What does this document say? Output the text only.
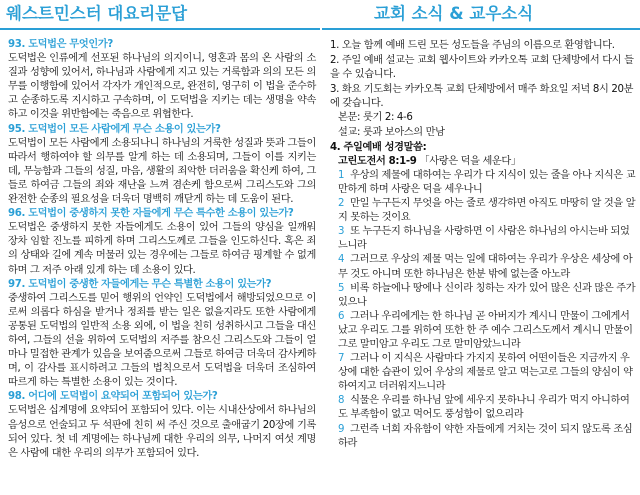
웨스트민스터 대요리문답
93. 도덕법은 무엇인가?
도덕법은 인류에게 선포된 하나님의 의지이니, 영혼과 몸의 온 사람의 소질과 성향에 있어서, 하나님과 사람에게 지고 있는 거룩함과 의의 모든 의무를 이행함에 있어서 각자가 개인적으로, 완전히, 영구히 이 법을 준수하고 순종하도록 지시하고 구속하며, 이 도덕법을 지키는 데는 생명을 약속하고 이것을 위반함에는 죽음으로 위협한다.
95. 도덕법이 모든 사람에게 무슨 소용이 있는가?
도덕법이 모든 사람에게 소용되나니 하나님의 거룩한 성질과 뜻과 그들이 따라서 행하여야 할 의무를 알게 하는 데 소용되며, 그들이 이를 지키는데, 무능함과 그들의 성질, 마음, 생활의 죄악한 더러움을 확신케 하여, 그들로 하여금 그들의 죄와 재난을 느껴 겸손케 함으로써 그리스도와 그의 완전한 순종의 필요성을 더욱더 명백히 깨닫게 하는 데 도움이 된다.
96. 도덕법이 중생하지 못한 자들에게 무슨 특수한 소용이 있는가?
도덕법은 중생하지 못한 자들에게도 소용이 있어 그들의 양심을 일깨워 장차 임할 진노를 피하게 하며 그리스도께로 그들을 인도하신다. 혹은 죄의 상태와 길에 계속 머물러 있는 경우에는 그들로 하여금 핑계할 수 없게 하며 그 저주 아래 있게 하는 데 소용이 있다.
97. 도덕법이 중생한 자들에게는 무슨 특별한 소용이 있는가?
중생하여 그리스도를 믿어 행위의 언약인 도덕법에서 해방되었으므로 이로써 의롭다 하심을 받거나 정죄를 받는 일은 없을지라도 또한 사람에게 공통된 도덕법의 일반적 소용 외에, 이 법을 친히 성취하시고 그들을 대신하여, 그들의 선을 위하여 도덕법의 저주를 참으신 그리스도와 그들이 얼마나 밀접한 관계가 있음을 보여줌으로써 그들로 하여금 더욱더 감사케하며, 이 감사를 표시하려고 그들의 법칙으로서 도덕법을 더욱더 조심하여 따르게 하는 특별한 소용이 있는 것이다.
98. 어디에 도덕법이 요약되어 포함되어 있는가?
도덕법은 십계명에 요약되어 포함되어 있다. 이는 시내산상에서 하나님의 음성으로 언술되고 두 석판에 친히 써 주신 것으로 출애굽기 20장에 기록되어 있다. 첫 네 계명에는 하나님께 대한 우리의 의무, 나머지 여섯 계명은 사람에 대한 우리의 의무가 포함되어 있다.
교회 소식 & 교우소식
1. 오늘 함께 예배 드린 모든 성도들을 주님의 이름으로 환영합니다.
2. 주일 예배 설교는 교회 웹사이트와 카카오톡 교회 단체방에서 다시 들을 수 있습니다.
3. 화요 기도회는 카카오톡 교회 단체방에서 매주 화요일 저녁 8시 20분에 갖습니다.
본문: 룻기 2: 4-6
설교: 룻과 보아스의 만남
4. 주일예배 성경말씀:
고린도전서 8:1-9 「사랑은 덕을 세운다」
1 우상의 제물에 대하여는 우리가 다 지식이 있는 줄을 아나 지식은 교만하게 하며 사랑은 덕을 세우나니
2 만일 누구든지 무엇을 아는 줄로 생각하면 아직도 마땅히 알 것을 알지 못하는 것이요
3 또 누구든지 하나님을 사랑하면 이 사람은 하나님의 아시는바 되었느니라
4 그러므로 우상의 제물 먹는 일에 대하여는 우리가 우상은 세상에 아무 것도 아니며 또한 하나님은 한분 밖에 없는줄 아노라
5 비록 하늘에나 땅에나 신이라 칭하는 자가 있어 많은 신과 많은 주가 있으나
6 그러나 우리에게는 한 하나님 곧 아버지가 계시니 만물이 그에게서 났고 우리도 그를 위하여 또한 한 주 예수 그리스도께서 계시니 만물이 그로 말미암고 우리도 그로 말미암았느니라
7 그러나 이 지식은 사람마다 가지지 못하여 어떤이들은 지금까지 우상에 대한 습관이 있어 우상의 제물로 알고 먹는고로 그들의 양심이 약하여지고 더러워지느니라
8 식물은 우리를 하나님 앞에 세우지 못하나니 우리가 먹지 아니하여도 부족함이 없고 먹어도 풍성함이 없으리라
9 그런즉 너희 자유함이 약한 자들에게 거치는 것이 되지 않도록 조심하라
